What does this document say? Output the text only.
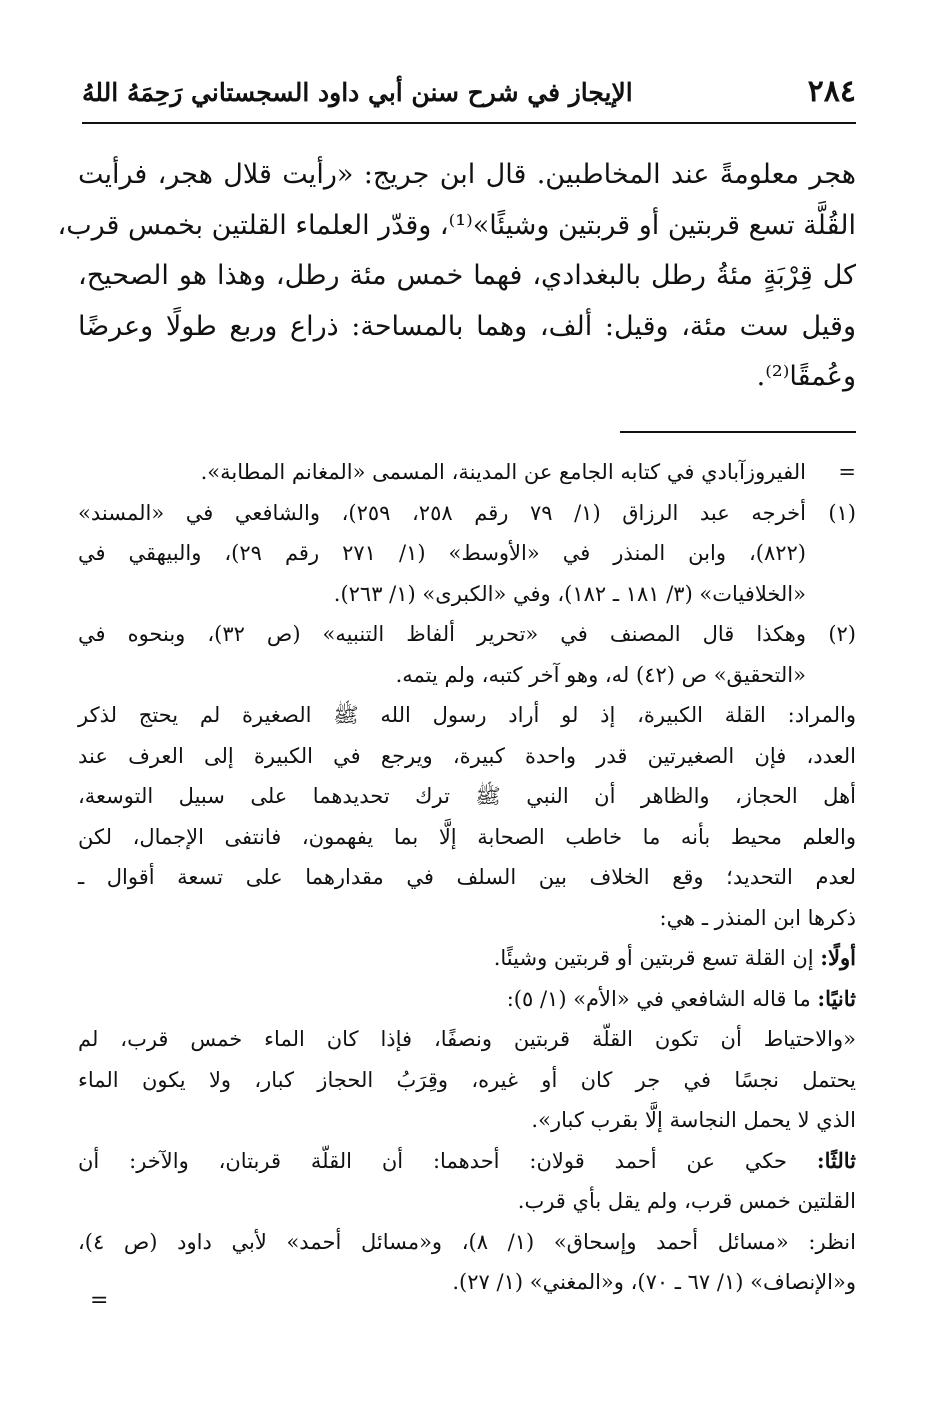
٢٨٤
الإيجاز في شرح سنن أبي داود السجستاني رَحِمَهُ اللهُ
هجر معلومةً عند المخاطبين. قال ابن جريج: «رأيت قلال هجر، فرأيت
القُلَّة تسع قربتين أو قربتين وشيئًا»⁽¹⁾، وقدّر العلماء القلتين بخمس قرب،
كل قِرْبَةٍ مئةُ رطل بالبغدادي، فهما خمس مئة رطل، وهذا هو الصحيح،
وقيل ست مئة، وقيل: ألف، وهما بالمساحة: ذراع وربع طولًا وعرضًا
وعُمقًا⁽²⁾.
=الفيروزآبادي في كتابه الجامع عن المدينة، المسمى «المغانم المطابة».
(١)أخرجه عبد الرزاق (١/ ٧٩ رقم ٢٥٨، ٢٥٩)، والشافعي في «المسند»
(٨٢٢)، وابن المنذر في «الأوسط» (١/ ٢٧١ رقم ٢٩)، والبيهقي في
«الخلافيات» (٣/ ١٨١ ـ ١٨٢)، وفي «الكبرى» (١/ ٢٦٣).
(٢)وهكذا قال المصنف في «تحرير ألفاظ التنبيه» (ص ٣٢)، وبنحوه في
«التحقيق» ص (٤٢) له، وهو آخر كتبه، ولم يتمه.
والمراد: القلة الكبيرة، إذ لو أراد رسول الله ﷺ الصغيرة لم يحتج لذكر
العدد، فإن الصغيرتين قدر واحدة كبيرة، ويرجع في الكبيرة إلى العرف عند
أهل الحجاز، والظاهر أن النبي ﷺ ترك تحديدهما على سبيل التوسعة،
والعلم محيط بأنه ما خاطب الصحابة إلَّا بما يفهمون، فانتفى الإجمال، لكن
لعدم التحديد؛ وقع الخلاف بين السلف في مقدارهما على تسعة أقوال ـ
ذكرها ابن المنذر ـ هي:
أولًا: إن القلة تسع قربتين أو قربتين وشيئًا.
ثانيًا: ما قاله الشافعي في «الأم» (١/ ٥):
«والاحتياط أن تكون القلّة قربتين ونصفًا، فإذا كان الماء خمس قرب، لم
يحتمل نجسًا في جر كان أو غيره، وقِرَبُ الحجاز كبار، ولا يكون الماء
الذي لا يحمل النجاسة إلَّا بقرب كبار».
ثالثًا: حكي عن أحمد قولان: أحدهما: أن القلّة قربتان، والآخر: أن
القلتين خمس قرب، ولم يقل بأي قرب.
انظر: «مسائل أحمد وإسحاق» (١/ ٨)، و«مسائل أحمد» لأبي داود (ص ٤)،
و«الإنصاف» (١/ ٦٧ ـ ٧٠)، و«المغني» (١/ ٢٧).
=
